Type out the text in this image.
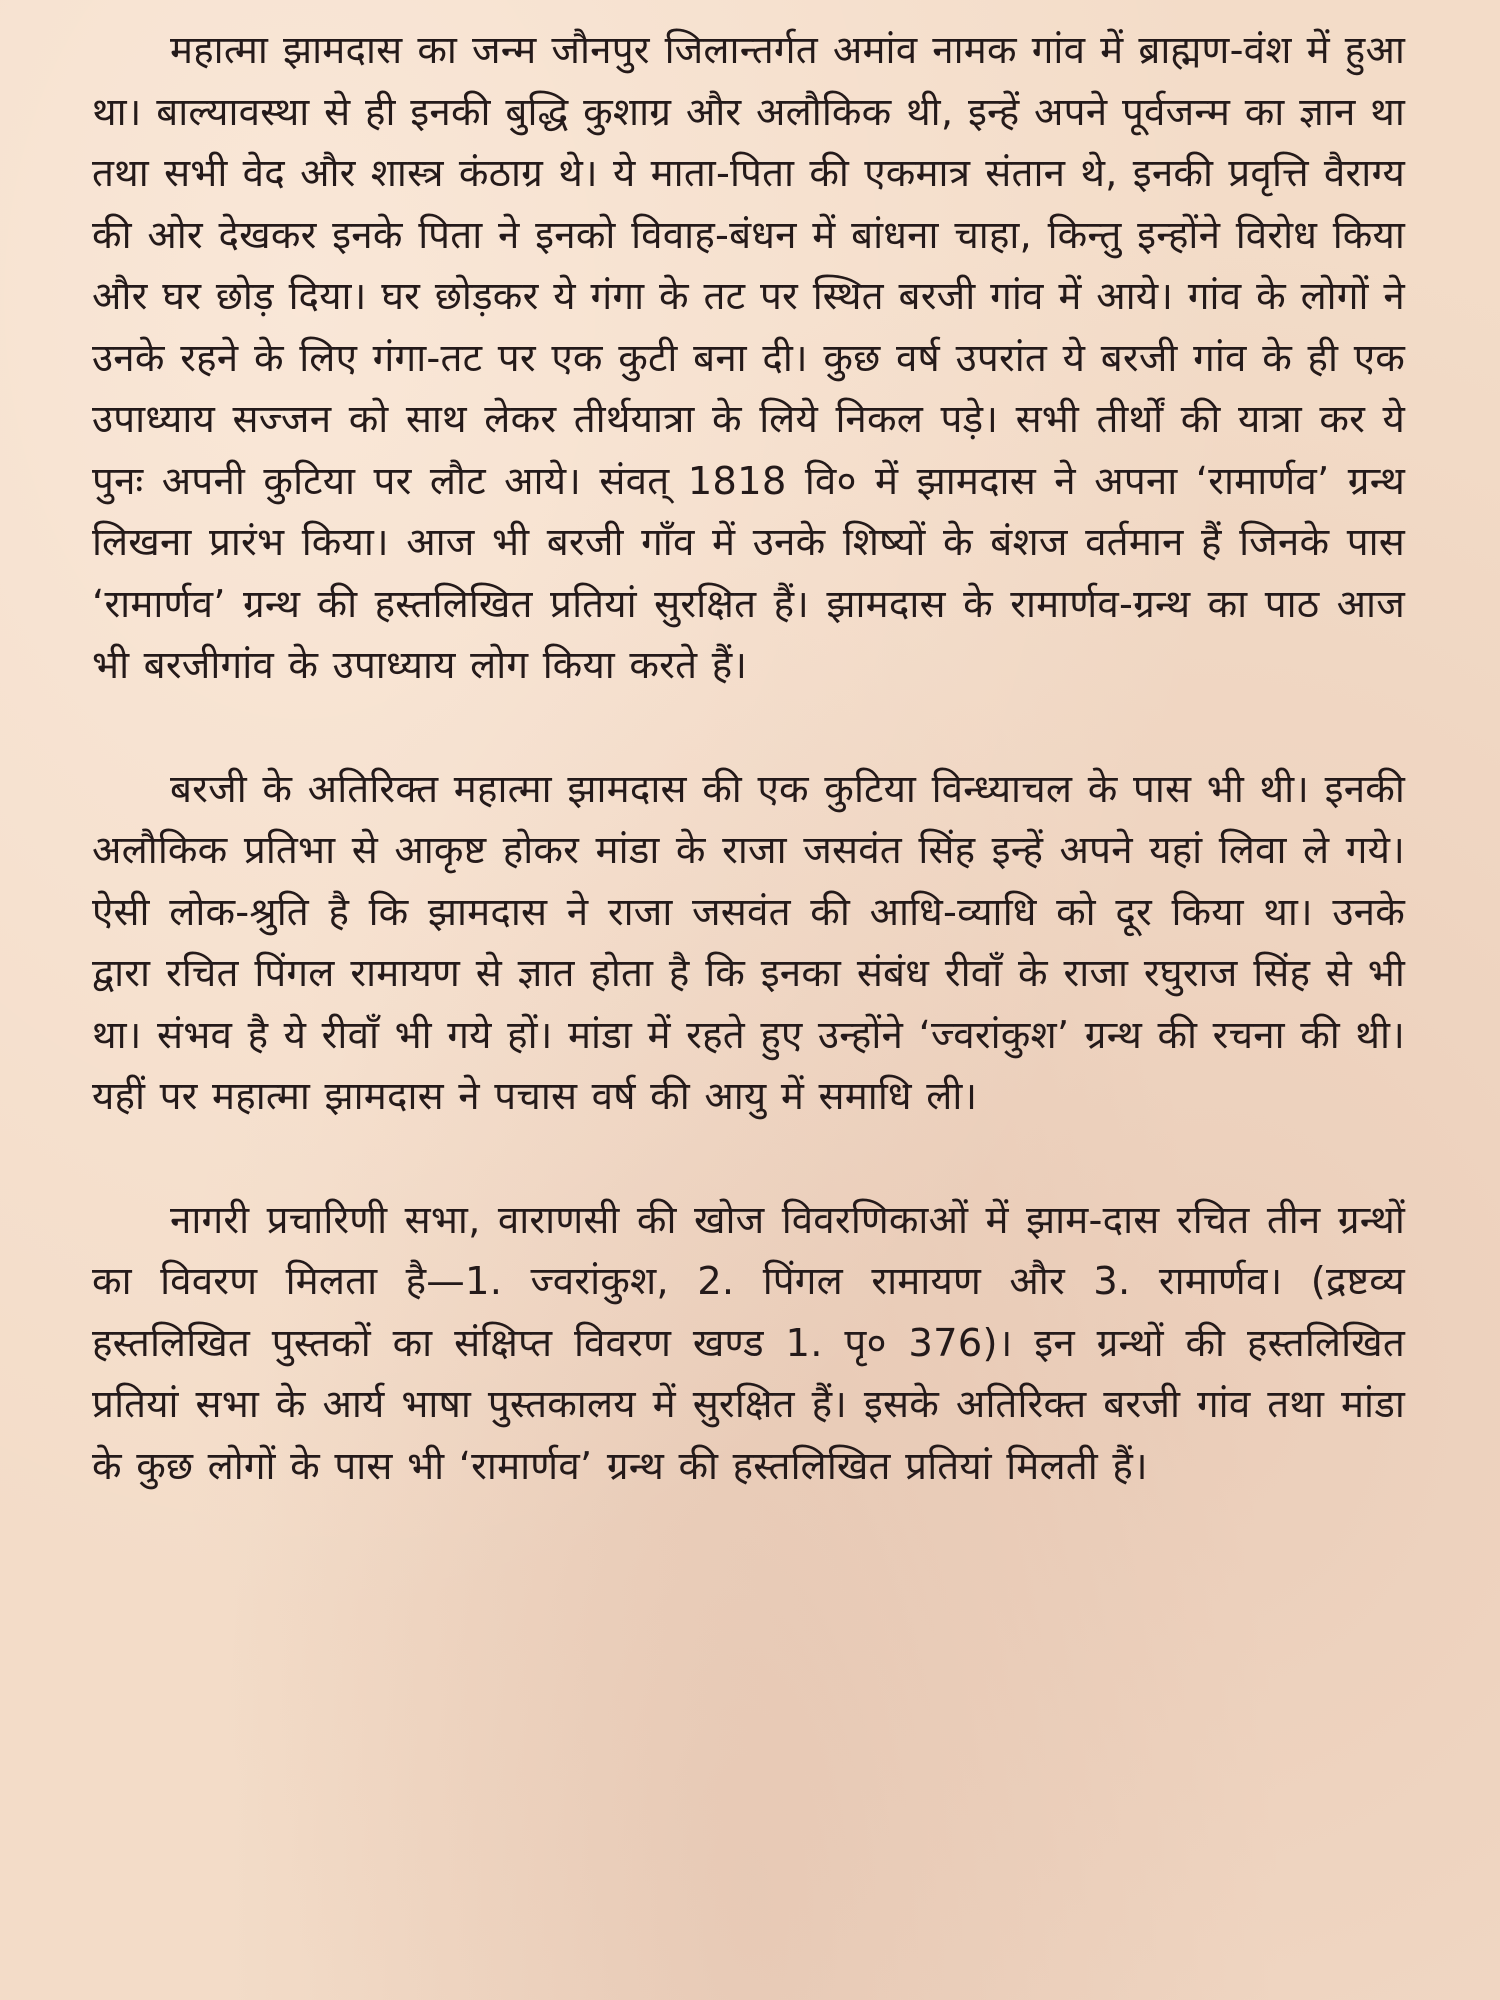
महात्मा झामदास का जन्म जौनपुर जिलान्तर्गत अमांव नामक गांव में ब्राह्मण-वंश में हुआ था। बाल्यावस्था से ही इनकी बुद्धि कुशाग्र और अलौकिक थी, इन्हें अपने पूर्वजन्म का ज्ञान था तथा सभी वेद और शास्त्र कंठाग्र थे। ये माता-पिता की एकमात्र संतान थे, इनकी प्रवृत्ति वैराग्य की ओर देखकर इनके पिता ने इनको विवाह-बंधन में बांधना चाहा, किन्तु इन्होंने विरोध किया और घर छोड़ दिया। घर छोड़कर ये गंगा के तट पर स्थित बरजी गांव में आये। गांव के लोगों ने उनके रहने के लिए गंगा-तट पर एक कुटी बना दी। कुछ वर्ष उपरांत ये बरजी गांव के ही एक उपाध्याय सज्जन को साथ लेकर तीर्थयात्रा के लिये निकल पड़े। सभी तीर्थों की यात्रा कर ये पुनः अपनी कुटिया पर लौट आये। संवत् 1818 वि० में झामदास ने अपना ‘रामार्णव’ ग्रन्थ लिखना प्रारंभ किया। आज भी बरजी गाँव में उनके शिष्यों के बंशज वर्तमान हैं जिनके पास ‘रामार्णव’ ग्रन्थ की हस्तलिखित प्रतियां सुरक्षित हैं। झामदास के रामार्णव-ग्रन्थ का पाठ आज भी बरजीगांव के उपाध्याय लोग किया करते हैं।

बरजी के अतिरिक्त महात्मा झामदास की एक कुटिया विन्ध्याचल के पास भी थी। इनकी अलौकिक प्रतिभा से आकृष्ट होकर मांडा के राजा जसवंत सिंह इन्हें अपने यहां लिवा ले गये। ऐसी लोक-श्रुति है कि झामदास ने राजा जसवंत की आधि-व्याधि को दूर किया था। उनके द्वारा रचित पिंगल रामायण से ज्ञात होता है कि इनका संबंध रीवाँ के राजा रघुराज सिंह से भी था। संभव है ये रीवाँ भी गये हों। मांडा में रहते हुए उन्होंने ‘ज्वरांकुश’ ग्रन्थ की रचना की थी। यहीं पर महात्मा झामदास ने पचास वर्ष की आयु में समाधि ली।

नागरी प्रचारिणी सभा, वाराणसी की खोज विवरणिकाओं में झाम-दास रचित तीन ग्रन्थों का विवरण मिलता है—1. ज्वरांकुश, 2. पिंगल रामायण और 3. रामार्णव। (द्रष्टव्य हस्तलिखित पुस्तकों का संक्षिप्त विवरण खण्ड 1. पृ० 376)। इन ग्रन्थों की हस्तलिखित प्रतियां सभा के आर्य भाषा पुस्तकालय में सुरक्षित हैं। इसके अतिरिक्त बरजी गांव तथा मांडा के कुछ लोगों के पास भी ‘रामार्णव’ ग्रन्थ की हस्तलिखित प्रतियां मिलती हैं।
